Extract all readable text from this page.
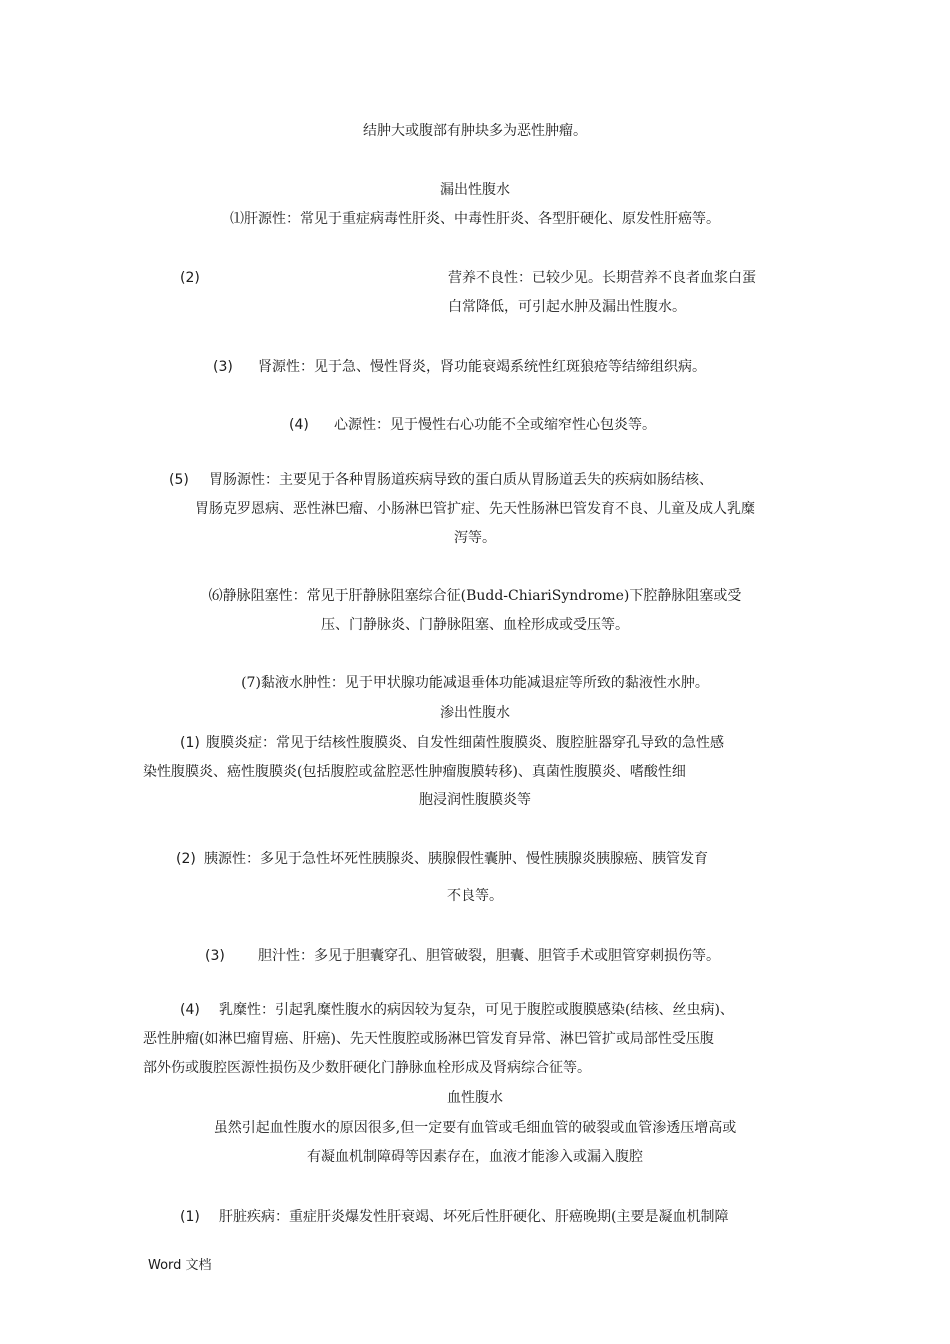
结肿大或腹部有肿块多为恶性肿瘤。
漏出性腹水
⑴肝源性：常见于重症病毒性肝炎、中毒性肝炎、各型肝硬化、原发性肝癌等。
(2)	营养不良性：已较少见。长期营养不良者血浆白蛋
白常降低，可引起水肿及漏出性腹水。
(3) 肾源性：见于急、慢性肾炎，肾功能衰竭系统性红斑狼疮等结缔组织病。
(4) 心源性：见于慢性右心功能不全或缩窄性心包炎等。
(5) 胃肠源性：主要见于各种胃肠道疾病导致的蛋白质从胃肠道丢失的疾病如肠结核、
胃肠克罗恩病、恶性淋巴瘤、小肠淋巴管扩症、先天性肠淋巴管发育不良、儿童及成人乳糜
泻等。
⑹静脉阻塞性：常见于肝静脉阻塞综合征(Budd-ChiariSyndrome)下腔静脉阻塞或受
压、门静脉炎、门静脉阻塞、血栓形成或受压等。
(7)黏液水肿性：见于甲状腺功能减退垂体功能减退症等所致的黏液性水肿。
渗出性腹水
(1) 腹膜炎症：常见于结核性腹膜炎、自发性细菌性腹膜炎、腹腔脏器穿孔导致的急性感
染性腹膜炎、癌性腹膜炎(包括腹腔或盆腔恶性肿瘤腹膜转移)、真菌性腹膜炎、嗜酸性细
胞浸润性腹膜炎等
(2) 胰源性：多见于急性坏死性胰腺炎、胰腺假性囊肿、慢性胰腺炎胰腺癌、胰管发育
不良等。
(3) 胆汁性：多见于胆囊穿孔、胆管破裂，胆囊、胆管手术或胆管穿刺损伤等。
(4) 乳糜性：引起乳糜性腹水的病因较为复杂，可见于腹腔或腹膜感染(结核、丝虫病)、
恶性肿瘤(如淋巴瘤胃癌、肝癌)、先天性腹腔或肠淋巴管发育异常、淋巴管扩或局部性受压腹
部外伤或腹腔医源性损伤及少数肝硬化门静脉血栓形成及肾病综合征等。
血性腹水
虽然引起血性腹水的原因很多,但一定要有血管或毛细血管的破裂或血管渗透压增高或
有凝血机制障碍等因素存在，血液才能渗入或漏入腹腔
(1) 肝脏疾病：重症肝炎爆发性肝衰竭、坏死后性肝硬化、肝癌晚期(主要是凝血机制障
Word 文档
